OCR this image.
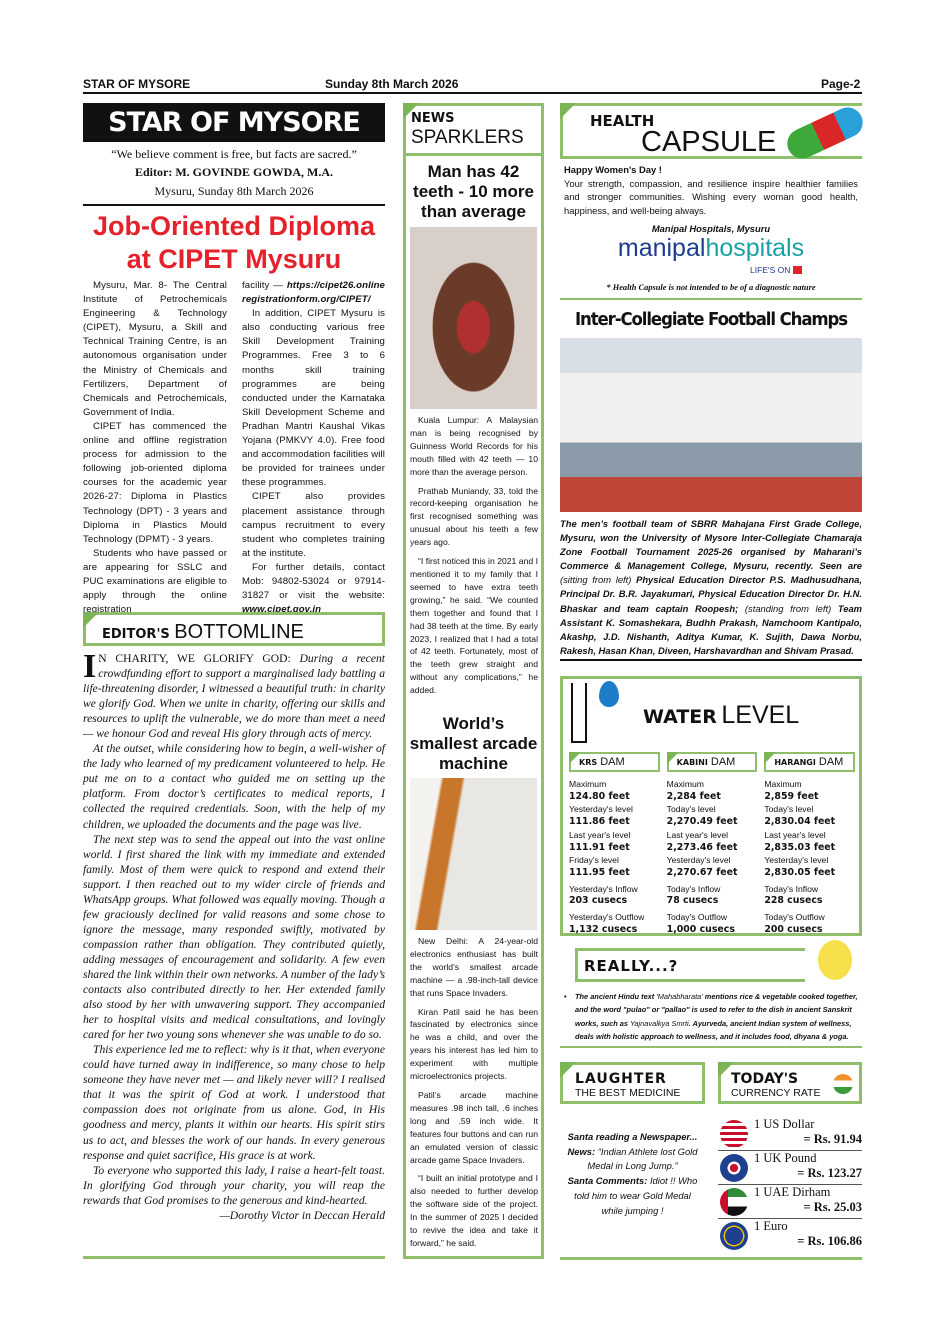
STAR OF MYSORE	Sunday 8th March 2026	Page-2
STAR OF MYSORE
“We believe comment is free, but facts are sacred.”
Editor: M. GOVINDE GOWDA, M.A.
Mysuru, Sunday 8th March 2026
Job-Oriented Diploma
at CIPET Mysuru

Mysuru, Mar. 8- The Central Institute of Petrochemicals Engineering & Technology (CIPET), Mysuru, a Skill and Technical Training Centre, is an autonomous organisation under the Ministry of Chemicals and Fertilizers, Department of Chemicals and Petrochemicals, Government of India.

CIPET has commenced the online and offline registration process for admission to the following job-oriented diploma courses for the academic year 2026-27: Diploma in Plastics Technology (DPT) - 3 years and Diploma in Plastics Mould Technology (DPMT) - 3 years.

Students who have passed or are appearing for SSLC and PUC examinations are eligible to apply through the online registration

facility — https://cipet26.onlineregistrationform.org/CIPET/

In addition, CIPET Mysuru is also conducting various free Skill Development Training Programmes. Free 3 to 6 months skill training programmes are being conducted under the Karnataka Skill Development Scheme and Pradhan Mantri Kaushal Vikas Yojana (PMKVY 4.0). Free food and accommodation facilities will be provided for trainees under these programmes.

CIPET also provides placement assistance through campus recruitment to every student who completes training at the institute.

For further details, contact Mob: 94802-53024 or 97914-31827 or visit the website: www.cipet.gov.in

EDITOR'S BOTTOMLINE

I N CHARITY, WE GLORIFY GOD: During a recent crowdfunding effort to support a marginalised lady battling a life-threatening disorder, I witnessed a beautiful truth: in charity we glorify God. When we unite in charity, offering our skills and resources to uplift the vulnerable, we do more than meet a need — we honour God and reveal His glory through acts of mercy.

At the outset, while considering how to begin, a well-wisher of the lady who learned of my predicament volunteered to help. He put me on to a contact who guided me on setting up the platform. From doctor’s certificates to medical reports, I collected the required credentials. Soon, with the help of my children, we uploaded the documents and the page was live.

The next step was to send the appeal out into the vast online world. I first shared the link with my immediate and extended family. Most of them were quick to respond and extend their support. I then reached out to my wider circle of friends and WhatsApp groups. What followed was equally moving. Though a few graciously declined for valid reasons and some chose to ignore the message, many responded swiftly, motivated by compassion rather than obligation. They contributed quietly, adding messages of encouragement and solidarity. A few even shared the link within their own networks. A number of the lady’s contacts also contributed directly to her. Her extended family also stood by her with unwavering support. They accompanied her to hospital visits and medical consultations, and lovingly cared for her two young sons whenever she was unable to do so.

This experience led me to reflect: why is it that, when everyone could have turned away in indifference, so many chose to help someone they have never met — and likely never will? I realised that it was the spirit of God at work. I understood that compassion does not originate from us alone. God, in His goodness and mercy, plants it within our hearts. His spirit stirs us to act, and blesses the work of our hands. In every generous response and quiet sacrifice, His grace is at work.

To everyone who supported this lady, I raise a heart-felt toast. In glorifying God through your charity, you will reap the rewards that God promises to the generous and kind-hearted.

—Dorothy Victor in Deccan Herald
NEWS
SPARKLERS
Man has 42 teeth - 10 more than average

Kuala Lumpur: A Malaysian man is being recognised by Guinness World Records for his mouth filled with 42 teeth — 10 more than the average person.

Prathab Muniandy, 33, told the record-keeping organisation he first recognised something was unusual about his teeth a few years ago.

“I first noticed this in 2021 and I mentioned it to my family that I seemed to have extra teeth growing,” he said. “We counted them together and found that I had 38 teeth at the time. By early 2023, I realized that I had a total of 42 teeth. Fortunately, most of the teeth grew straight and without any complications,” he added.

World’s smallest arcade machine

New Delhi: A 24-year-old electronics enthusiast has built the world’s smallest arcade machine — a .98-inch-tall device that runs Space Invaders.

Kiran Patil said he has been fascinated by electronics since he was a child, and over the years his interest has led him to experiment with multiple microelectronics projects.

Patil’s arcade machine measures .98 inch tall, .6 inches long and .59 inch wide. It features four buttons and can run an emulated version of classic arcade game Space Invaders.

“I built an initial prototype and I also needed to further develop the software side of the project. In the summer of 2025 I decided to revive the idea and take it forward,” he said.

HEALTH
CAPSULE
Happy Women's Day !

Your strength, compassion, and resilience inspire healthier families and stronger communities. Wishing every woman good health, happiness, and well-being always.

Manipal Hospitals, Mysuru
manipalhospitals
LIFE'S ON
* Health Capsule is not intended to be of a diagnostic nature
Inter-Collegiate Football Champs
The men’s football team of SBRR Mahajana First Grade College, Mysuru, won the University of Mysore Inter-Collegiate Chamaraja Zone Football Tournament 2025-26 organised by Maharani’s Commerce & Management College, Mysuru, recently. Seen are (sitting from left) Physical Education Director P.S. Madhusudhana, Principal Dr. B.R. Jayakumari, Physical Education Director Dr. H.N. Bhaskar and team captain Roopesh; (standing from left) Team Assistant K. Somashekara, Budhh Prakash, Namchoom Kantipalo, Akashp, J.D. Nishanth, Aditya Kumar, K. Sujith, Dawa Norbu, Rakesh, Hasan Khan, Diveen, Harshavardhan and Shivam Prasad.
WATER LEVEL
KRS DAM
Maximum
124.80 feet
Yesterday's level
111.86 feet
Last year's level
111.91 feet
Friday's level
111.95 feet
Yesterday's Inflow
203 cusecs
Yesterday's Outflow
1,132 cusecs
KABINI DAM
Maximum
2,284 feet
Today's level
2,270.49 feet
Last year's level
2,273.46 feet
Yesterday's level
2,270.67 feet
Today's Inflow
78 cusecs
Today's Outflow
1,000 cusecs
HARANGI DAM
Maximum
2,859 feet
Today's level
2,830.04 feet
Last year's level
2,835.03 feet
Yesterday's level
2,830.05 feet
Today's Inflow
228 cusecs
Today's Outflow
200 cusecs
REALLY...?
• The ancient Hindu text 'Mahabharata' mentions rice & vegetable cooked together, and the word "pulao" or "pallao" is used to refer to the dish in ancient Sanskrit works, such as Yajnavalkya Smrti. Ayurveda, ancient Indian system of wellness, deals with holistic approach to wellness, and it includes food, dhyana & yoga.
LAUGHTER
THE BEST MEDICINE
Santa reading a Newspaper...
News: “Indian Athlete lost Gold Medal in Long Jump.”
Santa Comments: Idiot !! Who told him to wear Gold Medal while jumping !
TODAY'S
CURRENCY RATE
1 US Dollar
= Rs. 91.94
1 UK Pound
= Rs. 123.27
1 UAE Dirham
= Rs. 25.03
1 Euro
= Rs. 106.86
